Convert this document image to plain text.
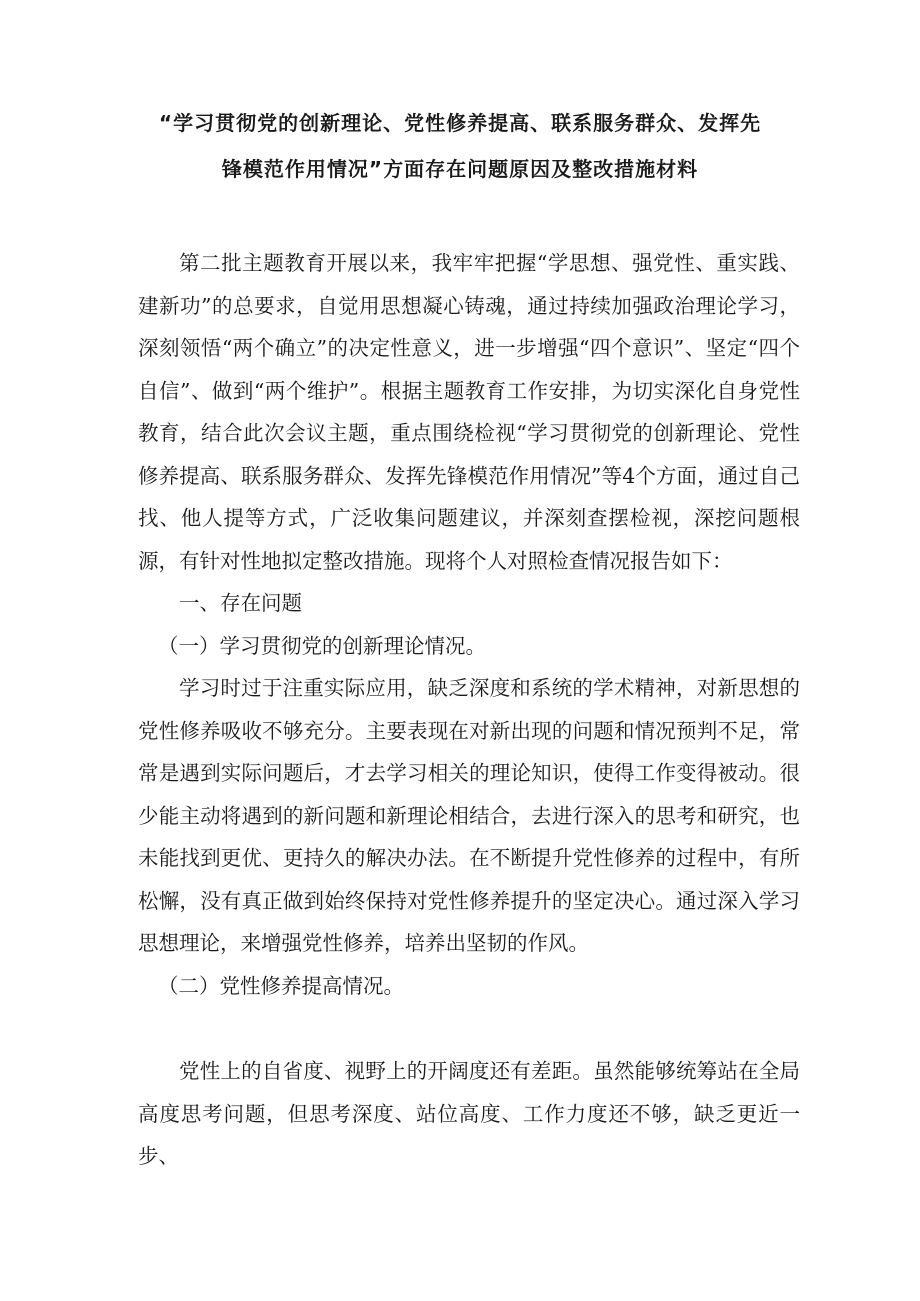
“学习贯彻党的创新理论、党性修养提高、联系服务群众、发挥先
锋模范作用情况”方面存在问题原因及整改措施材料

第二批主题教育开展以来，我牢牢把握“学思想、强党性、重实践、建新功”的总要求，自觉用思想凝心铸魂，通过持续加强政治理论学习，深刻领悟“两个确立”的决定性意义，进一步增强“四个意识”、坚定“四个自信”、做到“两个维护”。根据主题教育工作安排，为切实深化自身党性教育，结合此次会议主题，重点围绕检视“学习贯彻党的创新理论、党性修养提高、联系服务群众、发挥先锋模范作用情况”等4个方面，通过自己找、他人提等方式，广泛收集问题建议，并深刻查摆检视，深挖问题根源，有针对性地拟定整改措施。现将个人对照检查情况报告如下：

一、存在问题

（一）学习贯彻党的创新理论情况。

学习时过于注重实际应用，缺乏深度和系统的学术精神，对新思想的党性修养吸收不够充分。主要表现在对新出现的问题和情况预判不足，常常是遇到实际问题后，才去学习相关的理论知识，使得工作变得被动。很少能主动将遇到的新问题和新理论相结合，去进行深入的思考和研究，也未能找到更优、更持久的解决办法。在不断提升党性修养的过程中，有所松懈，没有真正做到始终保持对党性修养提升的坚定决心。通过深入学习思想理论，来增强党性修养，培养出坚韧的作风。

（二）党性修养提高情况。

党性上的自省度、视野上的开阔度还有差距。虽然能够统筹站在全局高度思考问题，但思考深度、站位高度、工作力度还不够，缺乏更近一步、
